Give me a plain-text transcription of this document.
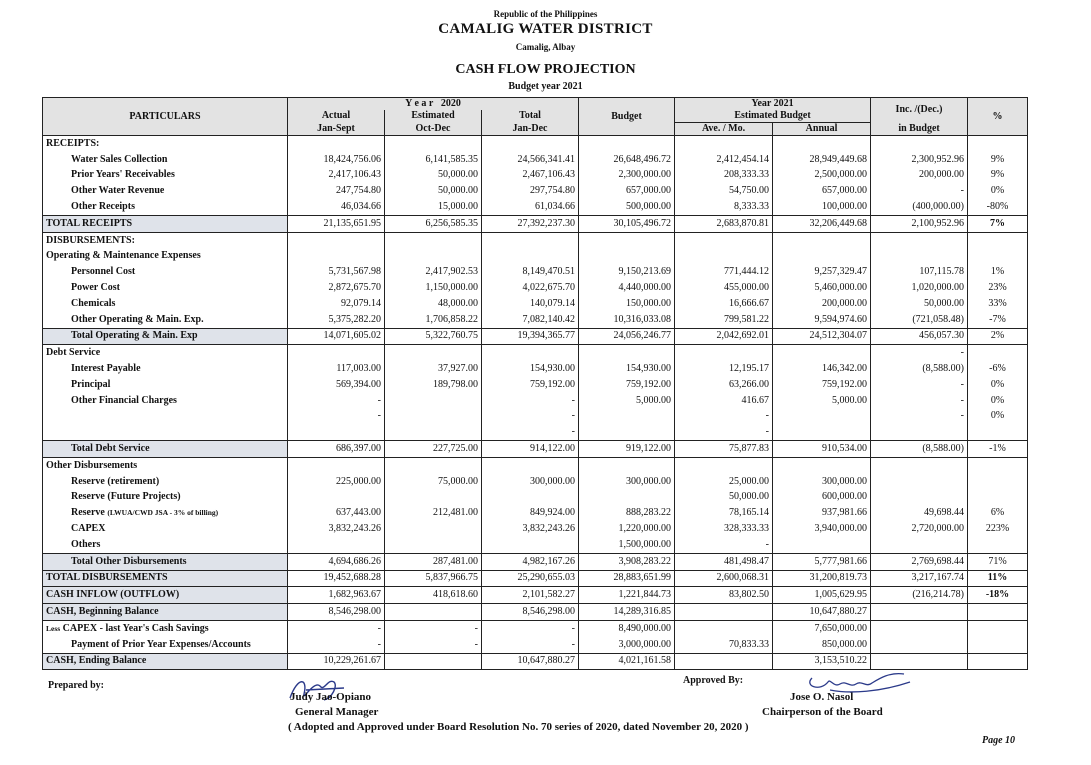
Republic of the Philippines
CAMALIG WATER DISTRICT
Camalig, Albay
CASH FLOW PROJECTION
Budget year 2021
PARTICULARS	Y e a r 2020			Budget	Year 2021		Inc. /(Dec.)	%
	Actual	Estimated	Total		Estimated Budget			
	Jan-Sept	Oct-Dec	Jan-Dec		Ave. / Mo.	Annual	in Budget	
RECEIPTS:								
Water Sales Collection	18,424,756.06	6,141,585.35	24,566,341.41	26,648,496.72	2,412,454.14	28,949,449.68	2,300,952.96	9%
Prior Years' Receivables	2,417,106.43	50,000.00	2,467,106.43	2,300,000.00	208,333.33	2,500,000.00	200,000.00	9%
Other Water Revenue	247,754.80	50,000.00	297,754.80	657,000.00	54,750.00	657,000.00	-	0%
Other Receipts	46,034.66	15,000.00	61,034.66	500,000.00	8,333.33	100,000.00	(400,000.00)	-80%
TOTAL RECEIPTS	21,135,651.95	6,256,585.35	27,392,237.30	30,105,496.72	2,683,870.81	32,206,449.68	2,100,952.96	7%
DISBURSEMENTS:								
Operating & Maintenance Expenses								
Personnel Cost	5,731,567.98	2,417,902.53	8,149,470.51	9,150,213.69	771,444.12	9,257,329.47	107,115.78	1%
Power Cost	2,872,675.70	1,150,000.00	4,022,675.70	4,440,000.00	455,000.00	5,460,000.00	1,020,000.00	23%
Chemicals	92,079.14	48,000.00	140,079.14	150,000.00	16,666.67	200,000.00	50,000.00	33%
Other Operating & Main. Exp.	5,375,282.20	1,706,858.22	7,082,140.42	10,316,033.08	799,581.22	9,594,974.60	(721,058.48)	-7%
Total Operating & Main. Exp	14,071,605.02	5,322,760.75	19,394,365.77	24,056,246.77	2,042,692.01	24,512,304.07	456,057.30	2%
Debt Service							-	
Interest Payable	117,003.00	37,927.00	154,930.00	154,930.00	12,195.17	146,342.00	(8,588.00)	-6%
Principal	569,394.00	189,798.00	759,192.00	759,192.00	63,266.00	759,192.00	-	0%
Other Financial Charges	-		-	5,000.00	416.67	5,000.00	-	0%
	-		-		-		-	0%
			-		-			
Total Debt Service	686,397.00	227,725.00	914,122.00	919,122.00	75,877.83	910,534.00	(8,588.00)	-1%
Other Disbursements								
Reserve (retirement)	225,000.00	75,000.00	300,000.00	300,000.00	25,000.00	300,000.00		
Reserve (Future Projects)					50,000.00	600,000.00		
Reserve (LWUA/CWD JSA - 3% of billing)	637,443.00	212,481.00	849,924.00	888,283.22	78,165.14	937,981.66	49,698.44	6%
CAPEX	3,832,243.26		3,832,243.26	1,220,000.00	328,333.33	3,940,000.00	2,720,000.00	223%
Others				1,500,000.00	-			
Total Other Disbursements	4,694,686.26	287,481.00	4,982,167.26	3,908,283.22	481,498.47	5,777,981.66	2,769,698.44	71%
TOTAL DISBURSEMENTS	19,452,688.28	5,837,966.75	25,290,655.03	28,883,651.99	2,600,068.31	31,200,819.73	3,217,167.74	11%
CASH INFLOW (OUTFLOW)	1,682,963.67	418,618.60	2,101,582.27	1,221,844.73	83,802.50	1,005,629.95	(216,214.78)	-18%
CASH, Beginning Balance	8,546,298.00		8,546,298.00	14,289,316.85		10,647,880.27		
Less CAPEX - last Year's Cash Savings	-	-	-	8,490,000.00		7,650,000.00		
Payment of Prior Year Expenses/Accounts	-	-	-	3,000,000.00	70,833.33	850,000.00		
CASH, Ending Balance	10,229,261.67		10,647,880.27	4,021,161.58		3,153,510.22		
Prepared by:
Judy Jao-Opiano
General Manager
Approved By:
Jose O. Nasol
Chairperson of the Board
( Adopted and Approved under Board Resolution No. 70 series of 2020, dated November 20, 2020 )
Page 10
